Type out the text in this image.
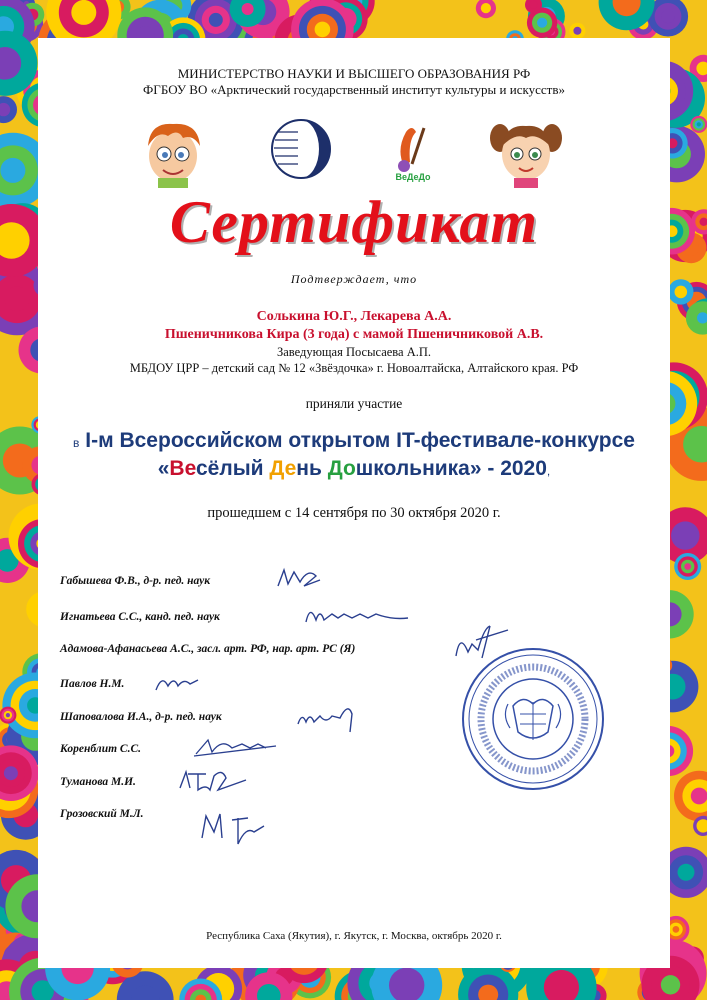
МИНИСТЕРСТВО НАУКИ И ВЫСШЕГО ОБРАЗОВАНИЯ РФ
ФГБОУ ВО «Арктический государственный институт культуры и искусств»
ВеДеДо
Сертификат
Подтверждает, что
Солькина Ю.Г., Лекарева А.А.
Пшеничникова Кира (3 года) с мамой Пшеничниковой А.В.
Заведующая Посысаева А.П.
МБДОУ ЦРР – детский сад № 12 «Звёздочка» г. Новоалтайска, Алтайского края. РФ
приняли участие
в I-м Всероссийском открытом IT-фестивале-конкурсе
«Весёлый День Дошкольника» - 2020,
прошедшем с 14 сентября по 30 октября 2020 г.
Габышева Ф.В., д-р. пед. наук
Игнатьева С.С., канд. пед. наук
Адамова-Афанасьева А.С., засл. арт. РФ, нар. арт. РС (Я)
Павлов Н.М.
Шаповалова И.А., д-р. пед. наук
Коренблит С.С.
Туманова М.И.
Грозовский М.Л.
Республика Саха (Якутия), г. Якутск, г. Москва, октябрь 2020 г.
